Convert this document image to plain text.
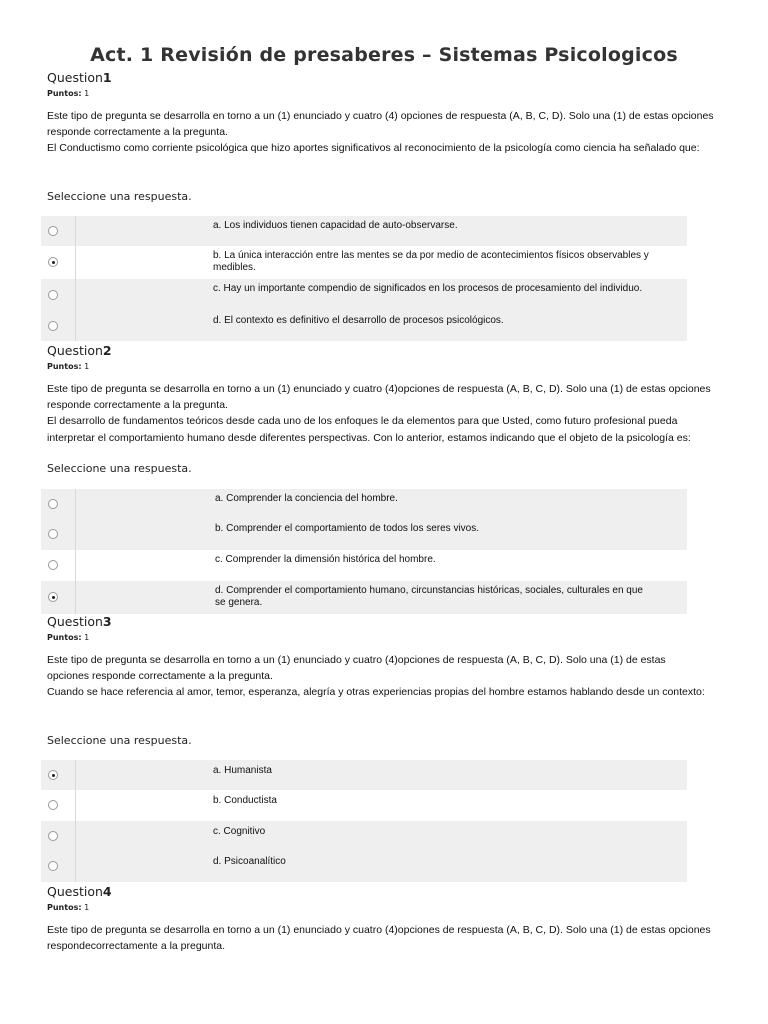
Act. 1 Revisión de presaberes – Sistemas Psicologicos
Question1
Puntos: 1

Este tipo de pregunta se desarrolla en torno a un (1) enunciado y cuatro (4) opciones de respuesta (A, B, C, D). Solo una (1) de estas opciones responde correctamente a la pregunta.

El Conductismo como corriente psicológica que hizo aportes significativos al reconocimiento de la psicología como ciencia ha señalado que:

Seleccione una respuesta.
a. Los individuos tienen capacidad de auto-observarse.
b. La única interacción entre las mentes se da por medio de acontecimientos físicos observables y medibles.
c. Hay un importante compendio de significados en los procesos de procesamiento del individuo.
d. El contexto es definitivo el desarrollo de procesos psicológicos.
Question2
Puntos: 1

Este tipo de pregunta se desarrolla en torno a un (1) enunciado y cuatro (4)opciones de respuesta (A, B, C, D). Solo una (1) de estas opciones responde correctamente a la pregunta.

El desarrollo de fundamentos teóricos desde cada uno de los enfoques le da elementos para que Usted, como futuro profesional pueda interpretar el comportamiento humano desde diferentes perspectivas. Con lo anterior, estamos indicando que el objeto de la psicología es:

Seleccione una respuesta.
a. Comprender la conciencia del hombre.
b. Comprender el comportamiento de todos los seres vivos.
c. Comprender la dimensión histórica del hombre.
d. Comprender el comportamiento humano, circunstancias históricas, sociales, culturales en que se genera.
Question3
Puntos: 1

Este tipo de pregunta se desarrolla en torno a un (1) enunciado y cuatro (4)opciones de respuesta (A, B, C, D). Solo una (1) de estas opciones responde correctamente a la pregunta.

Cuando se hace referencia al amor, temor, esperanza, alegría y otras experiencias propias del hombre estamos hablando desde un contexto:

Seleccione una respuesta.
a. Humanista
b. Conductista
c. Cognitivo
d. Psicoanalítico
Question4
Puntos: 1

Este tipo de pregunta se desarrolla en torno a un (1) enunciado y cuatro (4)opciones de respuesta (A, B, C, D). Solo una (1) de estas opciones respondecorrectamente a la pregunta.
